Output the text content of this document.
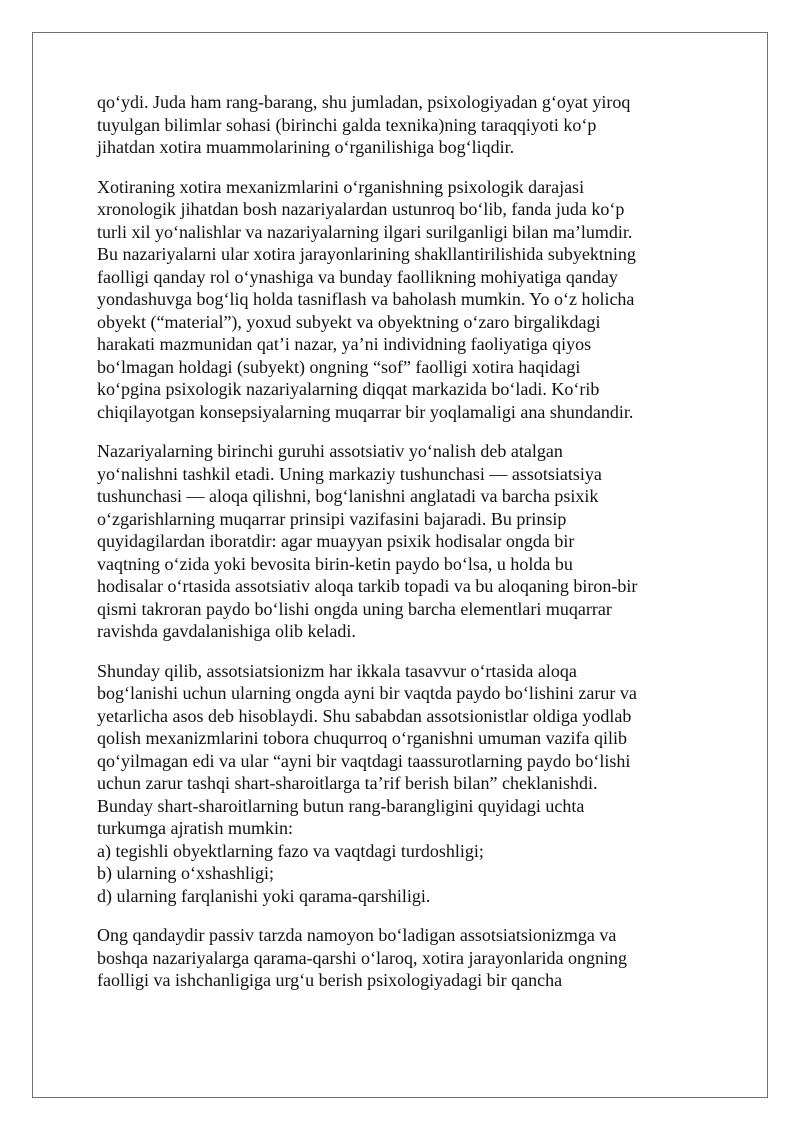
qo‘ydi. Juda ham rang-barang, shu jumladan, psixologiyadan g‘oyat yiroq
tuyulgan bilimlar sohasi (birinchi galda texnika)ning taraqqiyoti ko‘p
jihatdan xotira muammolarining o‘rganilishiga bog‘liqdir.
Xotiraning xotira mexanizmlarini o‘rganishning psixologik darajasi
xronologik jihatdan bosh nazariyalardan ustunroq bo‘lib, fanda juda ko‘p
turli xil yo‘nalishlar va nazariyalarning ilgari surilganligi bilan ma’lumdir.
Bu nazariyalarni ular xotira jarayonlarining shakllantirilishida subyektning
faolligi qanday rol o‘ynashiga va bunday faollikning mohiyatiga qanday
yondashuvga bog‘liq holda tasniflash va baholash mumkin. Yo o‘z holicha
obyekt (“material”), yoxud subyekt va obyektning o‘zaro birgalikdagi
harakati mazmunidan qat’i nazar, ya’ni individning faoliyatiga qiyos
bo‘lmagan holdagi (subyekt) ongning “sof” faolligi xotira haqidagi
ko‘pgina psixologik nazariyalarning diqqat markazida bo‘ladi. Ko‘rib
chiqilayotgan konsepsiyalarning muqarrar bir yoqlamaligi ana shundandir.
Nazariyalarning birinchi guruhi assotsiativ yo‘nalish deb atalgan
yo‘nalishni tashkil etadi. Uning markaziy tushunchasi — assotsiatsiya
tushunchasi — aloqa qilishni, bog‘lanishni anglatadi va barcha psixik
o‘zgarishlarning muqarrar prinsipi vazifasini bajaradi. Bu prinsip
quyidagilardan iboratdir: agar muayyan psixik hodisalar ongda bir
vaqtning o‘zida yoki bevosita birin-ketin paydo bo‘lsa, u holda bu
hodisalar o‘rtasida assotsiativ aloqa tarkib topadi va bu aloqaning biron-bir
qismi takroran paydo bo‘lishi ongda uning barcha elementlari muqarrar
ravishda gavdalanishiga olib keladi.
Shunday qilib, assotsiatsionizm har ikkala tasavvur o‘rtasida aloqa
bog‘lanishi uchun ularning ongda ayni bir vaqtda paydo bo‘lishini zarur va
yetarlicha asos deb hisoblaydi. Shu sababdan assotsionistlar oldiga yodlab
qolish mexanizmlarini tobora chuqurroq o‘rganishni umuman vazifa qilib
qo‘yilmagan edi va ular “ayni bir vaqtdagi taassurotlarning paydo bo‘lishi
uchun zarur tashqi shart-sharoitlarga ta’rif berish bilan” cheklanishdi.
Bunday shart-sharoitlarning butun rang-barangligini quyidagi uchta
turkumga ajratish mumkin:
a) tegishli obyektlarning fazo va vaqtdagi turdoshligi;
b) ularning o‘xshashligi;
d) ularning farqlanishi yoki qarama-qarshiligi.
Ong qandaydir passiv tarzda namoyon bo‘ladigan assotsiatsionizmga va
boshqa nazariyalarga qarama-qarshi o‘laroq, xotira jarayonlarida ongning
faolligi va ishchanligiga urg‘u berish psixologiyadagi bir qancha
